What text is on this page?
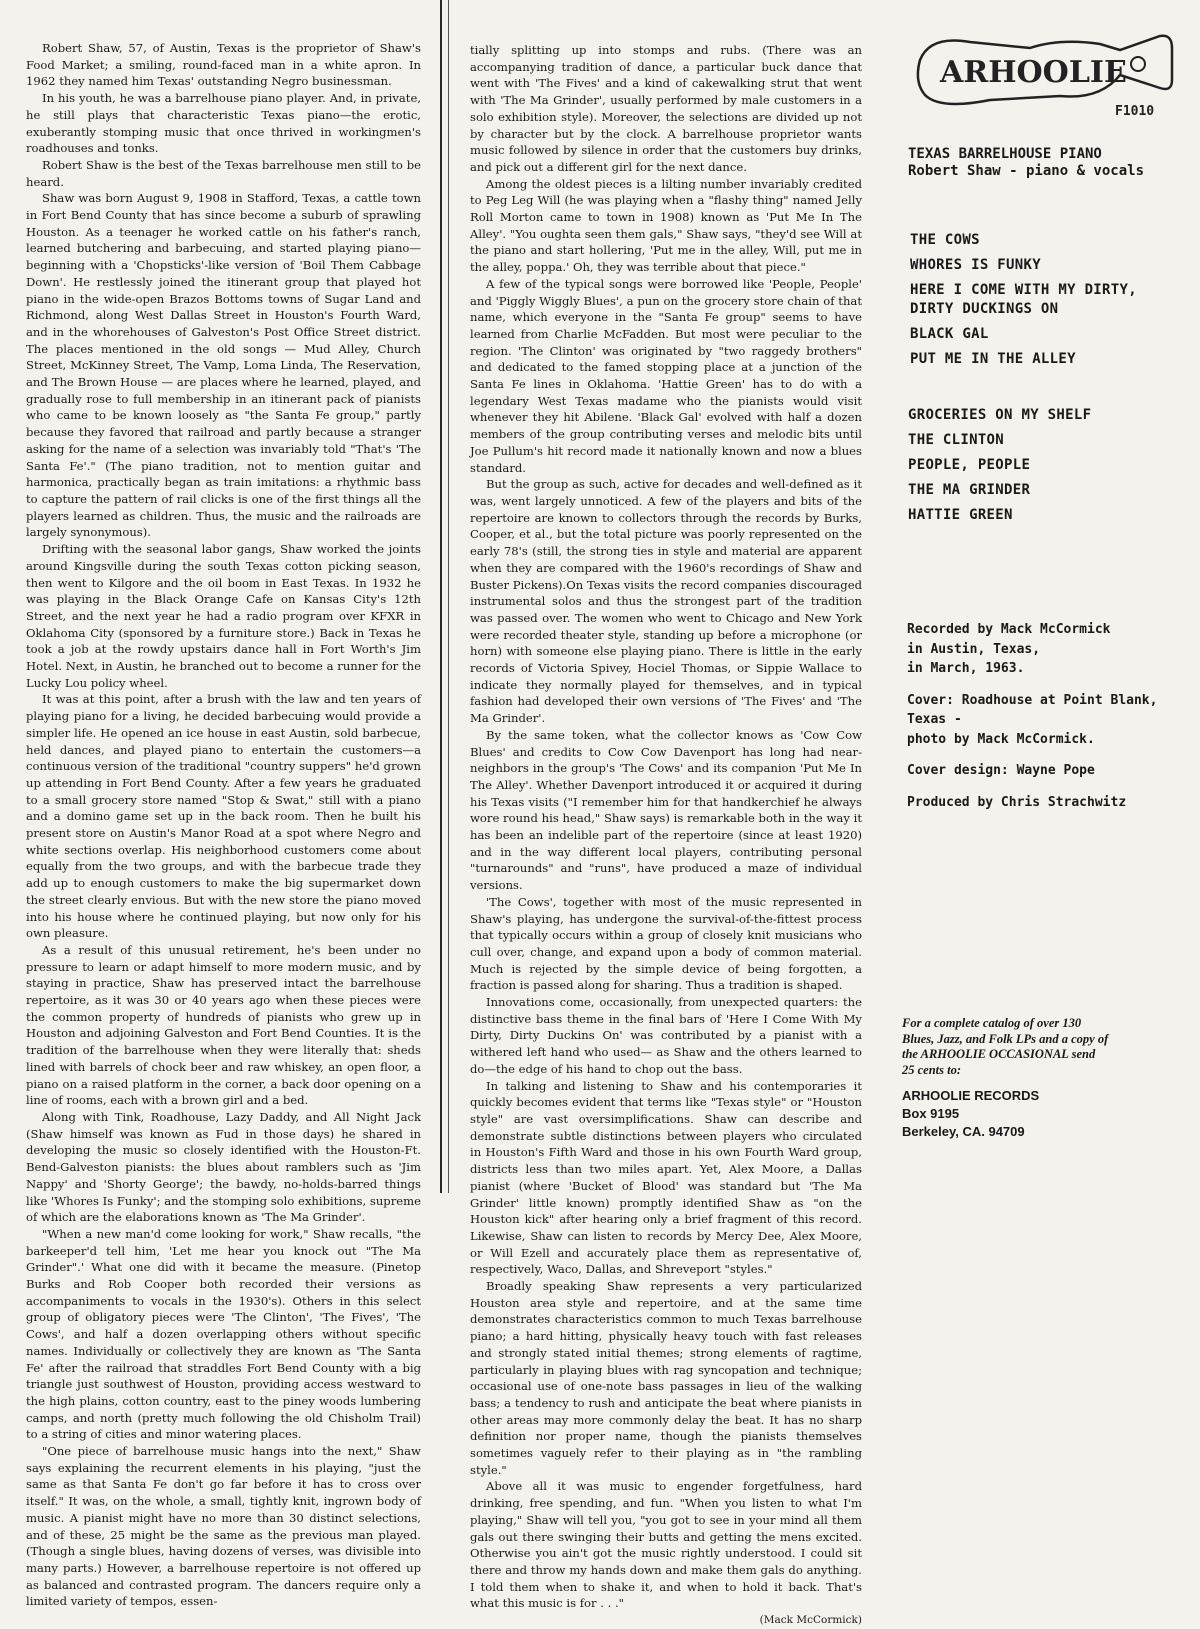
Robert Shaw, 57, of Austin, Texas is the proprietor of Shaw's Food Market; a smiling, round-faced man in a white apron. In 1962 they named him Texas' outstanding Negro businessman.

In his youth, he was a barrelhouse piano player. And, in private, he still plays that characteristic Texas piano—the erotic, exuberantly stomping music that once thrived in workingmen's roadhouses and tonks.

Robert Shaw is the best of the Texas barrelhouse men still to be heard.

Shaw was born August 9, 1908 in Stafford, Texas, a cattle town in Fort Bend County that has since become a suburb of sprawling Houston. As a teenager he worked cattle on his father's ranch, learned butchering and barbecuing, and started playing piano—beginning with a 'Chopsticks'-like version of 'Boil Them Cabbage Down'. He restlessly joined the itinerant group that played hot piano in the wide-open Brazos Bottoms towns of Sugar Land and Richmond, along West Dallas Street in Houston's Fourth Ward, and in the whorehouses of Galveston's Post Office Street district. The places mentioned in the old songs — Mud Alley, Church Street, McKinney Street, The Vamp, Loma Linda, The Reservation, and The Brown House — are places where he learned, played, and gradually rose to full membership in an itinerant pack of pianists who came to be known loosely as "the Santa Fe group," partly because they favored that railroad and partly because a stranger asking for the name of a selection was invariably told "That's 'The Santa Fe'." (The piano tradition, not to mention guitar and harmonica, practically began as train imitations: a rhythmic bass to capture the pattern of rail clicks is one of the first things all the players learned as children. Thus, the music and the railroads are largely synonymous).

Drifting with the seasonal labor gangs, Shaw worked the joints around Kingsville during the south Texas cotton picking season, then went to Kilgore and the oil boom in East Texas. In 1932 he was playing in the Black Orange Cafe on Kansas City's 12th Street, and the next year he had a radio program over KFXR in Oklahoma City (sponsored by a furniture store.) Back in Texas he took a job at the rowdy upstairs dance hall in Fort Worth's Jim Hotel. Next, in Austin, he branched out to become a runner for the Lucky Lou policy wheel.

It was at this point, after a brush with the law and ten years of playing piano for a living, he decided barbecuing would provide a simpler life. He opened an ice house in east Austin, sold barbecue, held dances, and played piano to entertain the customers—a continuous version of the traditional "country suppers" he'd grown up attending in Fort Bend County. After a few years he graduated to a small grocery store named "Stop & Swat," still with a piano and a domino game set up in the back room. Then he built his present store on Austin's Manor Road at a spot where Negro and white sections overlap. His neighborhood customers come about equally from the two groups, and with the barbecue trade they add up to enough customers to make the big supermarket down the street clearly envious. But with the new store the piano moved into his house where he continued playing, but now only for his own pleasure.

As a result of this unusual retirement, he's been under no pressure to learn or adapt himself to more modern music, and by staying in practice, Shaw has preserved intact the barrelhouse repertoire, as it was 30 or 40 years ago when these pieces were the common property of hundreds of pianists who grew up in Houston and adjoining Galveston and Fort Bend Counties. It is the tradition of the barrelhouse when they were literally that: sheds lined with barrels of chock beer and raw whiskey, an open floor, a piano on a raised platform in the corner, a back door opening on a line of rooms, each with a brown girl and a bed.

Along with Tink, Roadhouse, Lazy Daddy, and All Night Jack (Shaw himself was known as Fud in those days) he shared in developing the music so closely identified with the Houston-Ft. Bend-Galveston pianists: the blues about ramblers such as 'Jim Nappy' and 'Shorty George'; the bawdy, no-holds-barred things like 'Whores Is Funky'; and the stomping solo exhibitions, supreme of which are the elaborations known as 'The Ma Grinder'.

"When a new man'd come looking for work," Shaw recalls, "the barkeeper'd tell him, 'Let me hear you knock out "The Ma Grinder".' What one did with it became the measure. (Pinetop Burks and Rob Cooper both recorded their versions as accompaniments to vocals in the 1930's). Others in this select group of obligatory pieces were 'The Clinton', 'The Fives', 'The Cows', and half a dozen overlapping others without specific names. Individually or collectively they are known as 'The Santa Fe' after the railroad that straddles Fort Bend County with a big triangle just southwest of Houston, providing access westward to the high plains, cotton country, east to the piney woods lumbering camps, and north (pretty much following the old Chisholm Trail) to a string of cities and minor watering places.

"One piece of barrelhouse music hangs into the next," Shaw says explaining the recurrent elements in his playing, "just the same as that Santa Fe don't go far before it has to cross over itself." It was, on the whole, a small, tightly knit, ingrown body of music. A pianist might have no more than 30 distinct selections, and of these, 25 might be the same as the previous man played. (Though a single blues, having dozens of verses, was divisible into many parts.) However, a barrelhouse repertoire is not offered up as balanced and contrasted program. The dancers require only a limited variety of tempos, essen-

tially splitting up into stomps and rubs. (There was an accompanying tradition of dance, a particular buck dance that went with 'The Fives' and a kind of cakewalking strut that went with 'The Ma Grinder', usually performed by male customers in a solo exhibition style). Moreover, the selections are divided up not by character but by the clock. A barrelhouse proprietor wants music followed by silence in order that the customers buy drinks, and pick out a different girl for the next dance.

Among the oldest pieces is a lilting number invariably credited to Peg Leg Will (he was playing when a "flashy thing" named Jelly Roll Morton came to town in 1908) known as 'Put Me In The Alley'. "You oughta seen them gals," Shaw says, "they'd see Will at the piano and start hollering, 'Put me in the alley, Will, put me in the alley, poppa.' Oh, they was terrible about that piece."

A few of the typical songs were borrowed like 'People, People' and 'Piggly Wiggly Blues', a pun on the grocery store chain of that name, which everyone in the "Santa Fe group" seems to have learned from Charlie McFadden. But most were peculiar to the region. 'The Clinton' was originated by "two raggedy brothers" and dedicated to the famed stopping place at a junction of the Santa Fe lines in Oklahoma. 'Hattie Green' has to do with a legendary West Texas madame who the pianists would visit whenever they hit Abilene. 'Black Gal' evolved with half a dozen members of the group contributing verses and melodic bits until Joe Pullum's hit record made it nationally known and now a blues standard.

But the group as such, active for decades and well-defined as it was, went largely unnoticed. A few of the players and bits of the repertoire are known to collectors through the records by Burks, Cooper, et al., but the total picture was poorly represented on the early 78's (still, the strong ties in style and material are apparent when they are compared with the 1960's recordings of Shaw and Buster Pickens).On Texas visits the record companies discouraged instrumental solos and thus the strongest part of the tradition was passed over. The women who went to Chicago and New York were recorded theater style, standing up before a microphone (or horn) with someone else playing piano. There is little in the early records of Victoria Spivey, Hociel Thomas, or Sippie Wallace to indicate they normally played for themselves, and in typical fashion had developed their own versions of 'The Fives' and 'The Ma Grinder'.

By the same token, what the collector knows as 'Cow Cow Blues' and credits to Cow Cow Davenport has long had near-neighbors in the group's 'The Cows' and its companion 'Put Me In The Alley'. Whether Davenport introduced it or acquired it during his Texas visits ("I remember him for that handkerchief he always wore round his head," Shaw says) is remarkable both in the way it has been an indelible part of the repertoire (since at least 1920) and in the way different local players, contributing personal "turnarounds" and "runs", have produced a maze of individual versions.

'The Cows', together with most of the music represented in Shaw's playing, has undergone the survival-of-the-fittest process that typically occurs within a group of closely knit musicians who cull over, change, and expand upon a body of common material. Much is rejected by the simple device of being forgotten, a fraction is passed along for sharing. Thus a tradition is shaped.

Innovations come, occasionally, from unexpected quarters: the distinctive bass theme in the final bars of 'Here I Come With My Dirty, Dirty Duckins On' was contributed by a pianist with a withered left hand who used— as Shaw and the others learned to do—the edge of his hand to chop out the bass.

In talking and listening to Shaw and his contemporaries it quickly becomes evident that terms like "Texas style" or "Houston style" are vast oversimplifications. Shaw can describe and demonstrate subtle distinctions between players who circulated in Houston's Fifth Ward and those in his own Fourth Ward group, districts less than two miles apart. Yet, Alex Moore, a Dallas pianist (where 'Bucket of Blood' was standard but 'The Ma Grinder' little known) promptly identified Shaw as "on the Houston kick" after hearing only a brief fragment of this record. Likewise, Shaw can listen to records by Mercy Dee, Alex Moore, or Will Ezell and accurately place them as representative of, respectively, Waco, Dallas, and Shreveport "styles."

Broadly speaking Shaw represents a very particularized Houston area style and repertoire, and at the same time demonstrates characteristics common to much Texas barrelhouse piano; a hard hitting, physically heavy touch with fast releases and strongly stated initial themes; strong elements of ragtime, particularly in playing blues with rag syncopation and technique; occasional use of one-note bass passages in lieu of the walking bass; a tendency to rush and anticipate the beat where pianists in other areas may more commonly delay the beat. It has no sharp definition nor proper name, though the pianists themselves sometimes vaguely refer to their playing as in "the rambling style."

Above all it was music to engender forgetfulness, hard drinking, free spending, and fun. "When you listen to what I'm playing," Shaw will tell you, "you got to see in your mind all them gals out there swinging their butts and getting the mens excited. Otherwise you ain't got the music rightly understood. I could sit there and throw my hands down and make them gals do anything. I told them when to shake it, and when to hold it back. That's what this music is for . . ."

(Mack McCormick)

ARHOOLIE
F1010
TEXAS BARRELHOUSE PIANO
Robert Shaw - piano & vocals
THE COWS
WHORES IS FUNKY
HERE I COME WITH MY DIRTY,
DIRTY DUCKINGS ON
BLACK GAL
PUT ME IN THE ALLEY
GROCERIES ON MY SHELF
THE CLINTON
PEOPLE, PEOPLE
THE MA GRINDER
HATTIE GREEN
Recorded by Mack McCormick
in Austin, Texas,
in March, 1963.
Cover: Roadhouse at Point Blank,
Texas -
photo by Mack McCormick.
Cover design: Wayne Pope
Produced by Chris Strachwitz
For a complete catalog of over 130
Blues, Jazz, and Folk LPs and a copy of
the ARHOOLIE OCCASIONAL send
25 cents to:
ARHOOLIE RECORDS
Box 9195
Berkeley, CA. 94709
